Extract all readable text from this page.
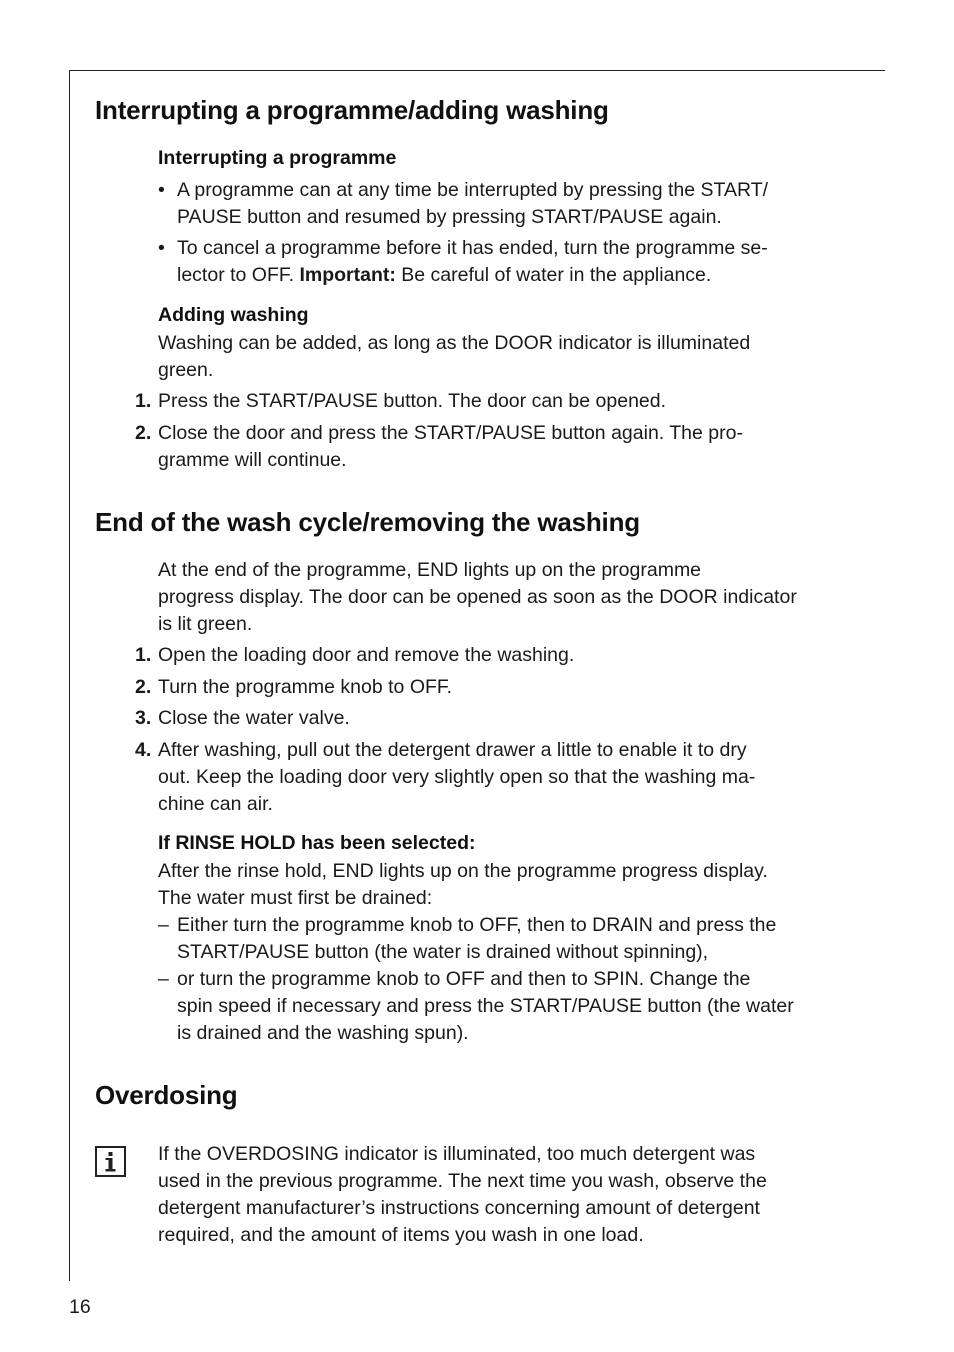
Interrupting a programme/adding washing
Interrupting a programme
• A programme can at any time be interrupted by pressing the START/
PAUSE button and resumed by pressing START/PAUSE again.
• To cancel a programme before it has ended, turn the programme se-
lector to OFF. Important: Be careful of water in the appliance.
Adding washing
Washing can be added, as long as the DOOR indicator is illuminated
green.
1. Press the START/PAUSE button. The door can be opened.
2. Close the door and press the START/PAUSE button again. The pro-
gramme will continue.
End of the wash cycle/removing the washing
At the end of the programme, END lights up on the programme
progress display. The door can be opened as soon as the DOOR indicator
is lit green.
1. Open the loading door and remove the washing.
2. Turn the programme knob to OFF.
3. Close the water valve.
4. After washing, pull out the detergent drawer a little to enable it to dry
out. Keep the loading door very slightly open so that the washing ma-
chine can air.
If RINSE HOLD has been selected:
After the rinse hold, END lights up on the programme progress display.
The water must first be drained:
– Either turn the programme knob to OFF, then to DRAIN and press the
START/PAUSE button (the water is drained without spinning),
– or turn the programme knob to OFF and then to SPIN. Change the
spin speed if necessary and press the START/PAUSE button (the water
is drained and the washing spun).
Overdosing
If the OVERDOSING indicator is illuminated, too much detergent was
used in the previous programme. The next time you wash, observe the
detergent manufacturer’s instructions concerning amount of detergent
required, and the amount of items you wash in one load.
16
